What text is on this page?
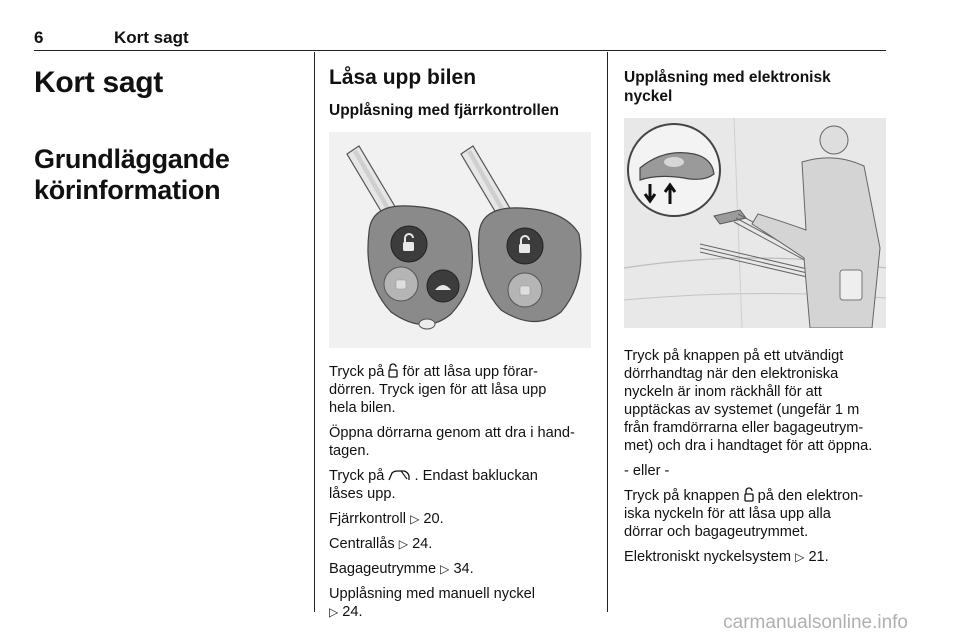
6	Kort sagt
Kort sagt
Grundläggande
körinformation
Låsa upp bilen
Upplåsning med fjärrkontrollen

Tryck på för att låsa upp förar-
dörren. Tryck igen för att låsa upp
hela bilen.

Öppna dörrarna genom att dra i hand-
tagen.

Tryck på . Endast bakluckan
låses upp.

Fjärrkontroll ▷ 20.

Centrallås ▷ 24.

Bagageutrymme ▷ 34.

Upplåsning med manuell nyckel
▷ 24.

Upplåsning med elektronisk
nyckel

Tryck på knappen på ett utvändigt
dörrhandtag när den elektroniska
nyckeln är inom räckhåll för att
upptäckas av systemet (ungefär 1 m
från framdörrarna eller bagageutrym-
met) och dra i handtaget för att öppna.

- eller -

Tryck på knappen på den elektron-
iska nyckeln för att låsa upp alla
dörrar och bagageutrymmet.

Elektroniskt nyckelsystem ▷ 21.

carmanualsonline.info
